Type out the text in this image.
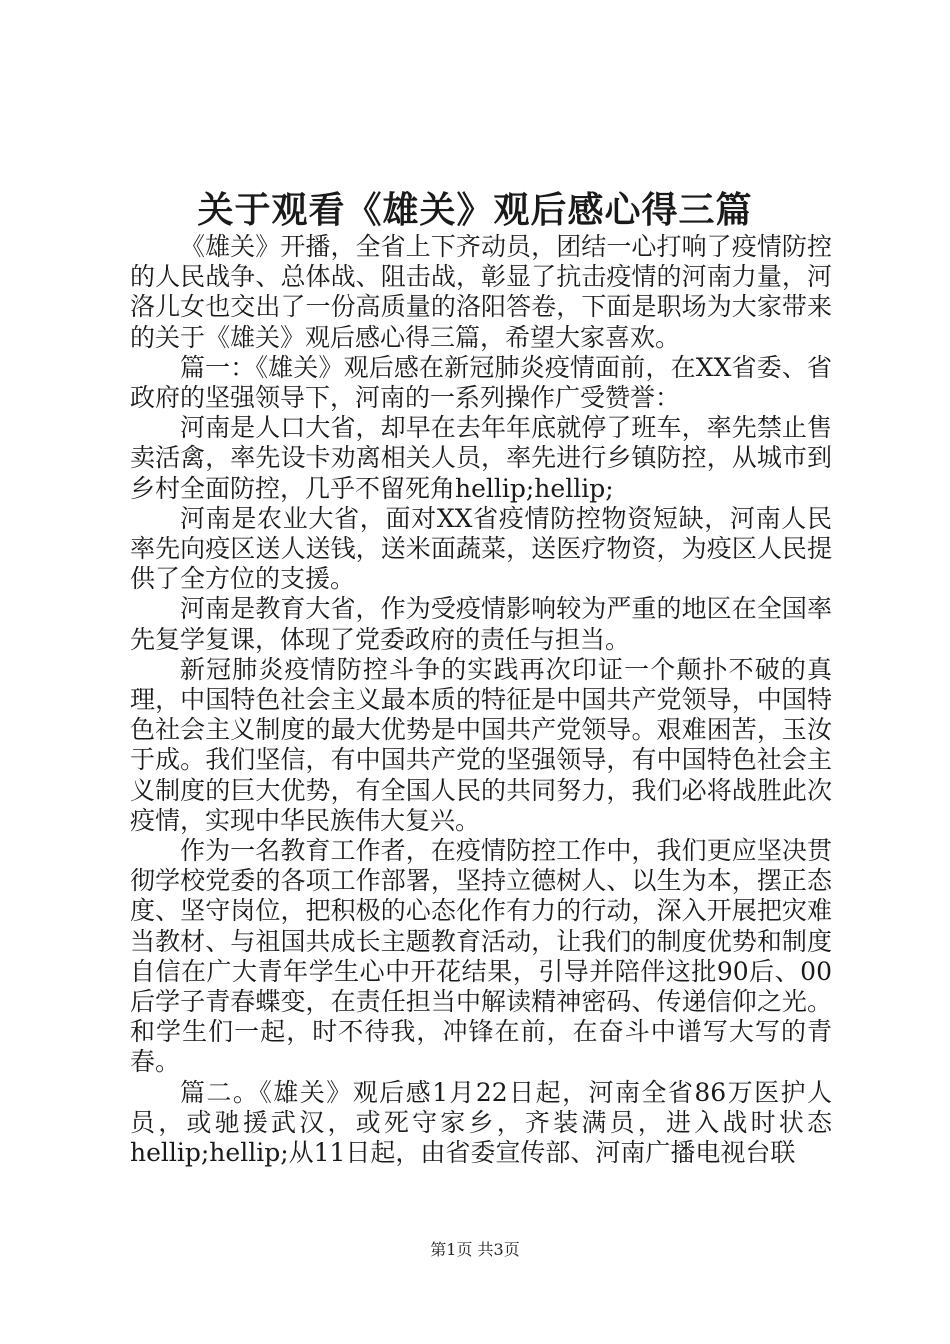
关于观看《雄关》观后感心得三篇

《雄关》开播，全省上下齐动员，团结一心打响了疫情防控的人民战争、总体战、阻击战，彰显了抗击疫情的河南力量，河洛儿女也交出了一份高质量的洛阳答卷，下面是职场为大家带来的关于《雄关》观后感心得三篇，希望大家喜欢。

篇一：《雄关》观后感在新冠肺炎疫情面前，在XX省委、省政府的坚强领导下，河南的一系列操作广受赞誉：

河南是人口大省，却早在去年年底就停了班车，率先禁止售卖活禽，率先设卡劝离相关人员，率先进行乡镇防控，从城市到乡村全面防控，几乎不留死角hellip;hellip;

河南是农业大省，面对XX省疫情防控物资短缺，河南人民率先向疫区送人送钱，送米面蔬菜，送医疗物资，为疫区人民提供了全方位的支援。

河南是教育大省，作为受疫情影响较为严重的地区在全国率先复学复课，体现了党委政府的责任与担当。

新冠肺炎疫情防控斗争的实践再次印证一个颠扑不破的真理，中国特色社会主义最本质的特征是中国共产党领导，中国特色社会主义制度的最大优势是中国共产党领导。艰难困苦，玉汝于成。我们坚信，有中国共产党的坚强领导，有中国特色社会主义制度的巨大优势，有全国人民的共同努力，我们必将战胜此次疫情，实现中华民族伟大复兴。

作为一名教育工作者，在疫情防控工作中，我们更应坚决贯彻学校党委的各项工作部署，坚持立德树人、以生为本，摆正态度、坚守岗位，把积极的心态化作有力的行动，深入开展把灾难当教材、与祖国共成长主题教育活动，让我们的制度优势和制度自信在广大青年学生心中开花结果，引导并陪伴这批90后、00后学子青春蝶变，在责任担当中解读精神密码、传递信仰之光。和学生们一起，时不待我，冲锋在前，在奋斗中谱写大写的青春。

篇二。《雄关》观后感1月22日起，河南全省86万医护人员，或驰援武汉，或死守家乡，齐装满员，进入战时状态hellip;hellip;从11日起，由省委宣传部、河南广播电视台联

第1页 共3页
